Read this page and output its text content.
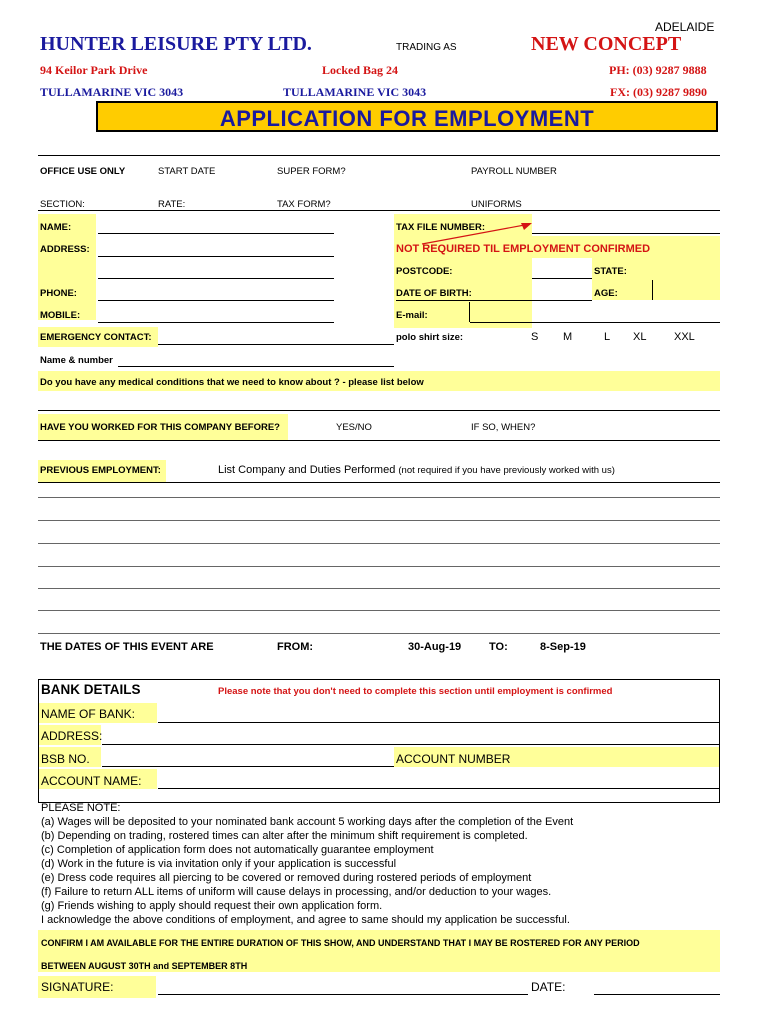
ADELAIDE
HUNTER LEISURE PTY LTD.	TRADING AS	NEW CONCEPT
94 Keilor Park Drive	Locked Bag 24	PH: (03) 9287 9888
TULLAMARINE VIC 3043	TULLAMARINE VIC 3043	FX: (03) 9287 9890
APPLICATION FOR EMPLOYMENT
OFFICE USE ONLY	START DATE	SUPER FORM?	PAYROLL NUMBER
SECTION:	RATE:	TAX FORM?	UNIFORMS
NAME:	TAX FILE NUMBER:
ADDRESS:	NOT REQUIRED TIL EMPLOYMENT CONFIRMED
POSTCODE:	STATE:
PHONE:	DATE OF BIRTH:	AGE:
MOBILE:	E-mail:
EMERGENCY CONTACT:	polo shirt size:	S M	L XL	XXL
Name & number
Do you have any medical conditions that we need to know about ? - please list below
HAVE YOU WORKED FOR THIS COMPANY BEFORE?	YES/NO	IF SO, WHEN?
PREVIOUS EMPLOYMENT:	List Company and Duties Performed (not required if you have previously worked with us)
THE DATES OF THIS EVENT ARE	FROM:	30-Aug-19	TO:	8-Sep-19
BANK DETAILS	Please note that you don't need to complete this section until employment is confirmed
NAME OF BANK:
ADDRESS:
BSB NO.	ACCOUNT NUMBER
ACCOUNT NAME:
PLEASE NOTE:
(a) Wages will be deposited to your nominated bank account 5 working days after the completion of the Event
(b) Depending on trading, rostered times can alter after the minimum shift requirement is completed.
(c) Completion of application form does not automatically guarantee employment
(d) Work in the future is via invitation only if your application is successful
(e) Dress code requires all piercing to be covered or removed during rostered periods of employment
(f) Failure to return ALL items of uniform will cause delays in processing, and/or deduction to your wages.
(g) Friends wishing to apply should request their own application form.
I acknowledge the above conditions of employment, and agree to same should my application be successful.
CONFIRM I AM AVAILABLE FOR THE ENTIRE DURATION OF THIS SHOW, AND UNDERSTAND THAT I MAY BE ROSTERED FOR ANY PERIOD
BETWEEN AUGUST 30TH and SEPTEMBER 8TH
SIGNATURE:	DATE:
